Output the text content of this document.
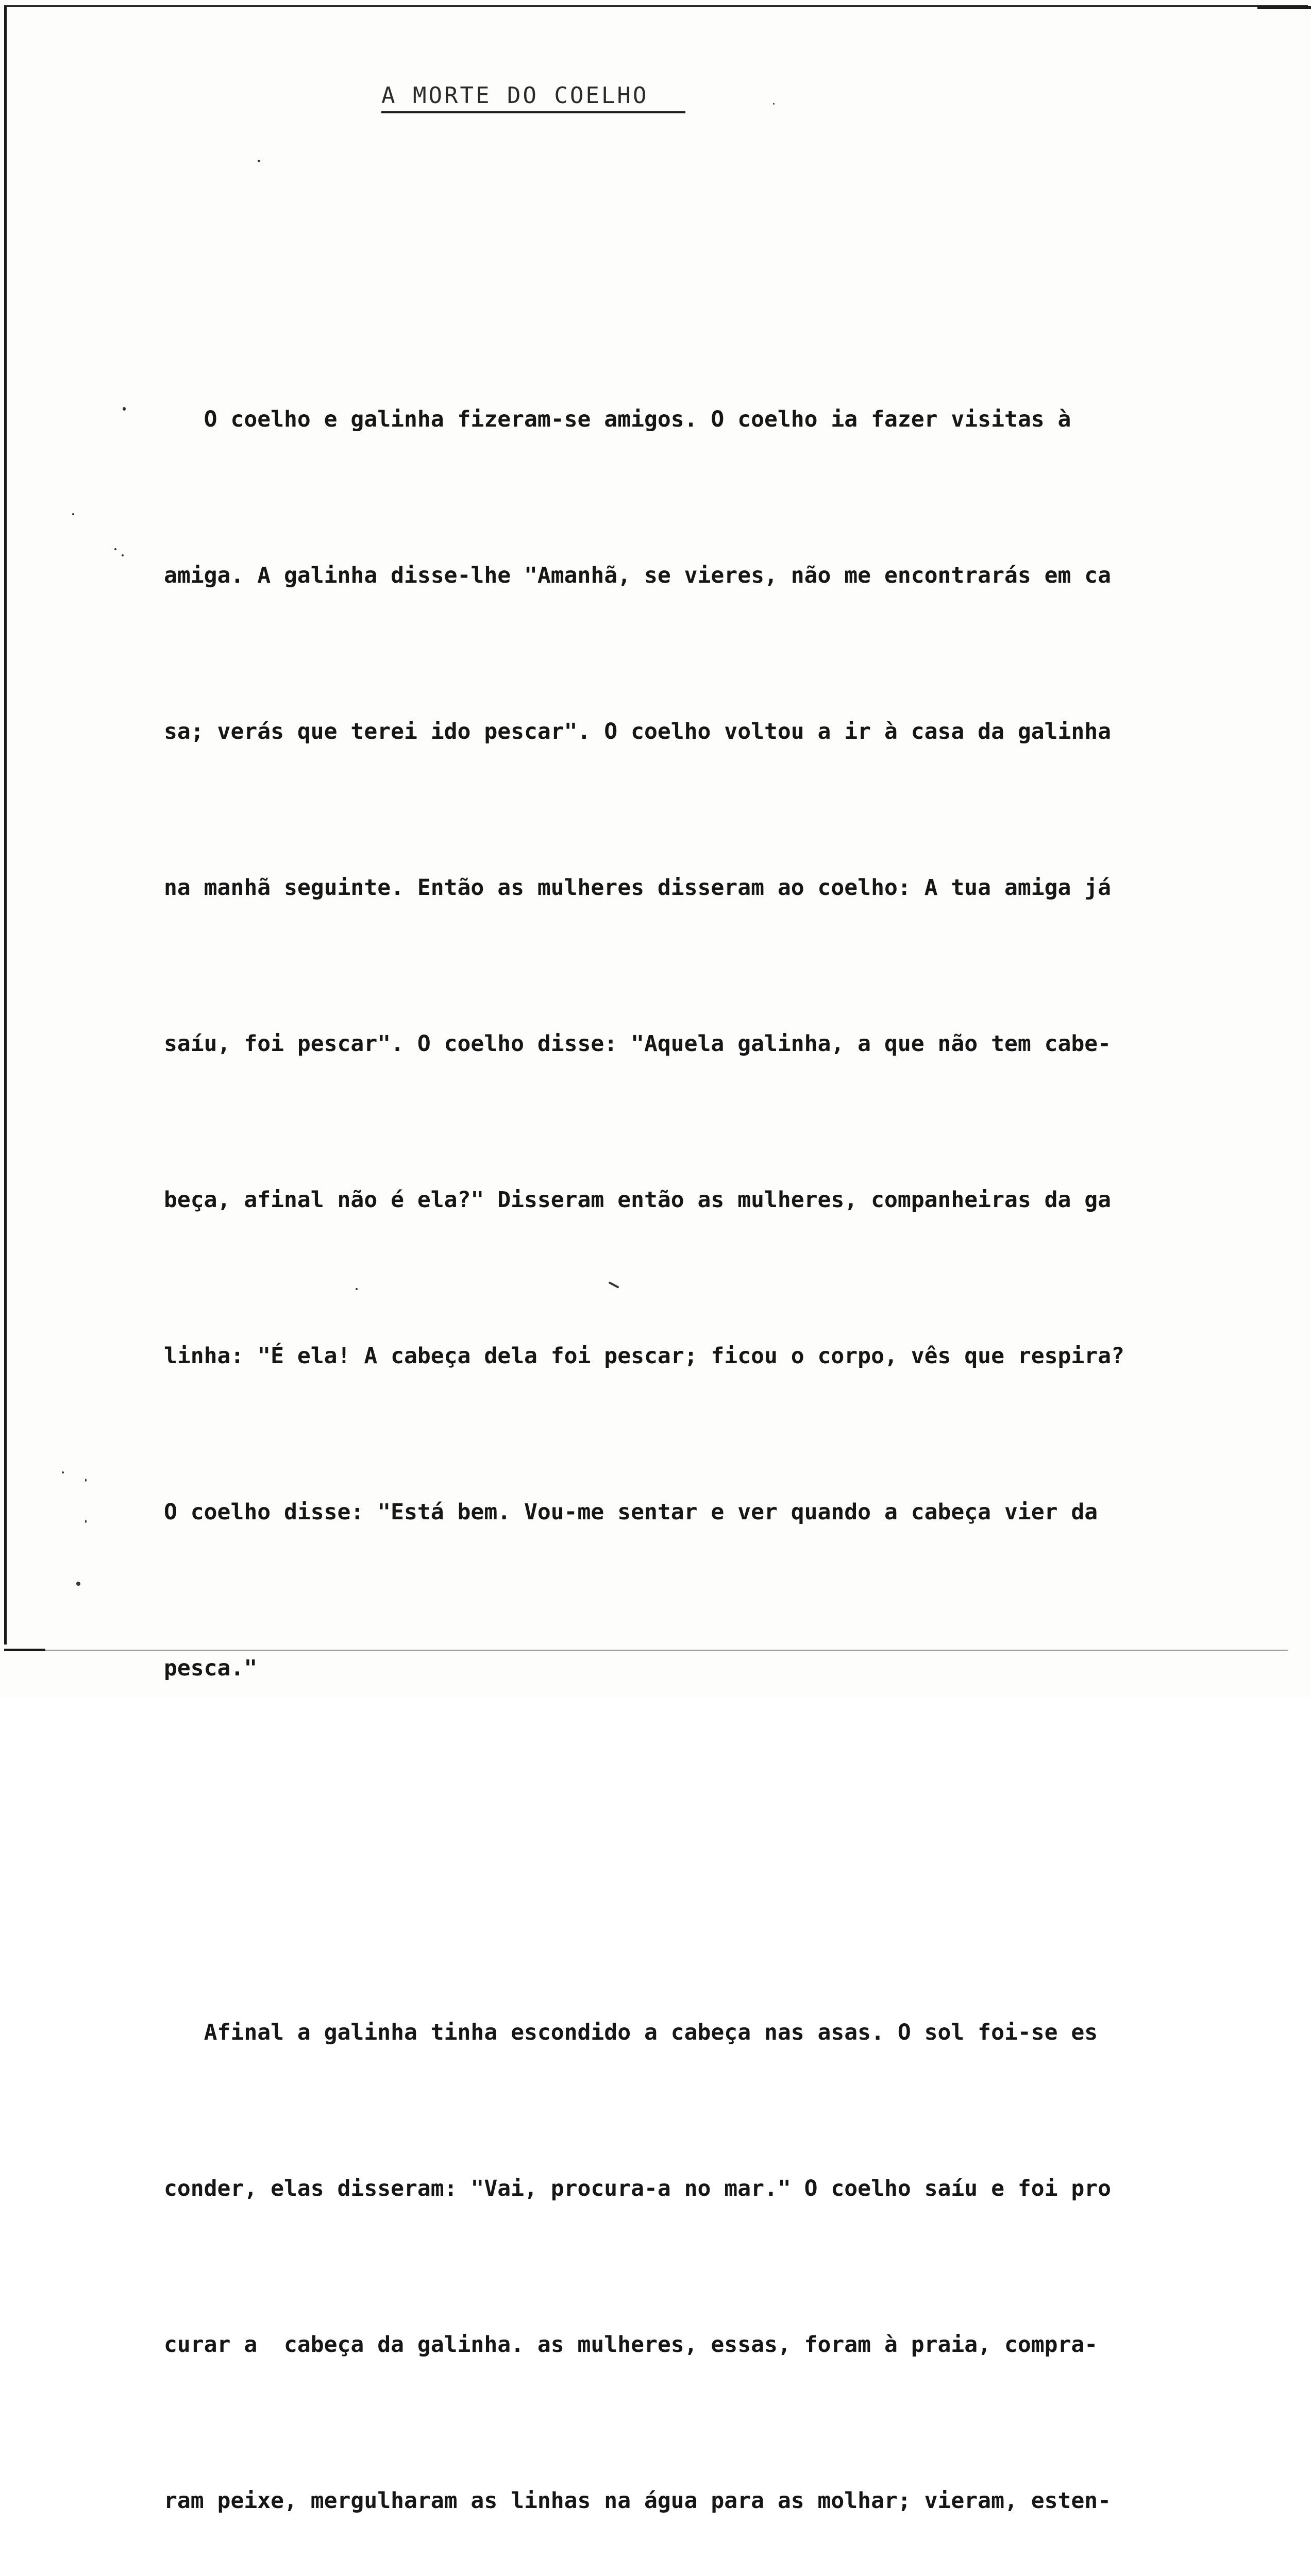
A MORTE DO COELHO

O coelho e galinha fizeram-se amigos. O coelho ia fazer visitas à

amiga. A galinha disse-lhe "Amanhã, se vieres, não me encontrarás em ca

sa; verás que terei ido pescar". O coelho voltou a ir à casa da galinha

na manhã seguinte. Então as mulheres disseram ao coelho: A tua amiga já

saíu, foi pescar". O coelho disse: "Aquela galinha, a que não tem cabe-

beça, afinal não é ela?" Disseram então as mulheres, companheiras da ga

linha: "É ela! A cabeça dela foi pescar; ficou o corpo, vês que respira?

O coelho disse: "Está bem. Vou-me sentar e ver quando a cabeça vier da

pesca."

Afinal a galinha tinha escondido a cabeça nas asas. O sol foi-se es

conder, elas disseram: "Vai, procura-a no mar." O coelho saíu e foi pro

curar a  cabeça da galinha. as mulheres, essas, foram à praia, compra-

ram peixe, mergulharam as linhas na água para as molhar; vieram, esten-
